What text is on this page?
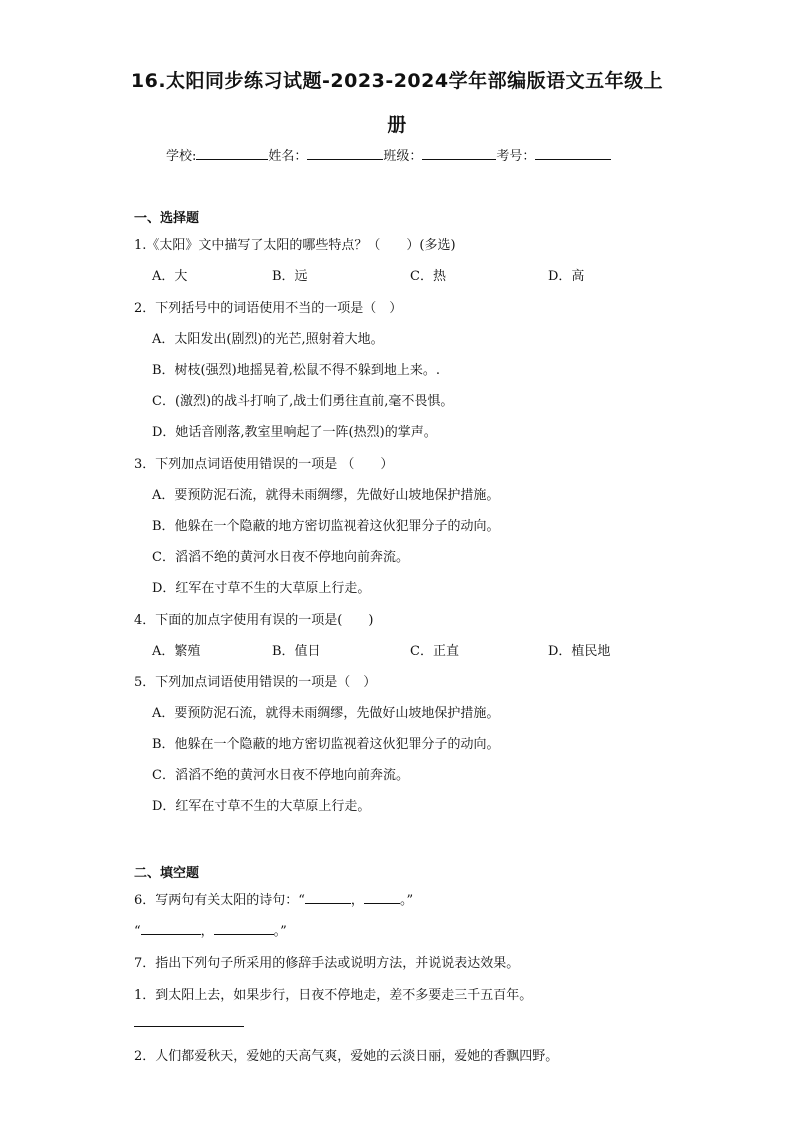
16.太阳同步练习试题-2023-2024学年部编版语文五年级上
册
学校:	姓名：	班级：	考号：
一、选择题
1.《太阳》文中描写了太阳的哪些特点？（　　）(多选)
A．大	B．远	C．热	D．高
2．下列括号中的词语使用不当的一项是（　）
A．太阳发出(剧烈)的光芒,照射着大地。
B．树枝(强烈)地摇晃着,松鼠不得不躲到地上来。.
C．(激烈)的战斗打响了,战士们勇往直前,毫不畏惧。
D．她话音刚落,教室里响起了一阵(热烈)的掌声。
3．下列加点词语使用错误的一项是 （　　）
A．要预防泥石流，就得未雨绸缪，先做好山坡地保护措施。
B．他躲在一个隐蔽的地方密切监视着这伙犯罪分子的动向。
C．滔滔不绝的黄河水日夜不停地向前奔流。
D．红军在寸草不生的大草原上行走。
4．下面的加点字使用有误的一项是(　　)
A．繁殖	B．值日	C．正直	D．植民地
5．下列加点词语使用错误的一项是（　）
A．要预防泥石流，就得未雨绸缪，先做好山坡地保护措施。
B．他躲在一个隐蔽的地方密切监视着这伙犯罪分子的动向。
C．滔滔不绝的黄河水日夜不停地向前奔流。
D．红军在寸草不生的大草原上行走。
二、填空题
6．写两句有关太阳的诗句：“	，	。”
“	，	。”
7．指出下列句子所采用的修辞手法或说明方法，并说说表达效果。
1．到太阳上去，如果步行，日夜不停地走，差不多要走三千五百年。
2．人们都爱秋天，爱她的天高气爽，爱她的云淡日丽，爱她的香飘四野。
